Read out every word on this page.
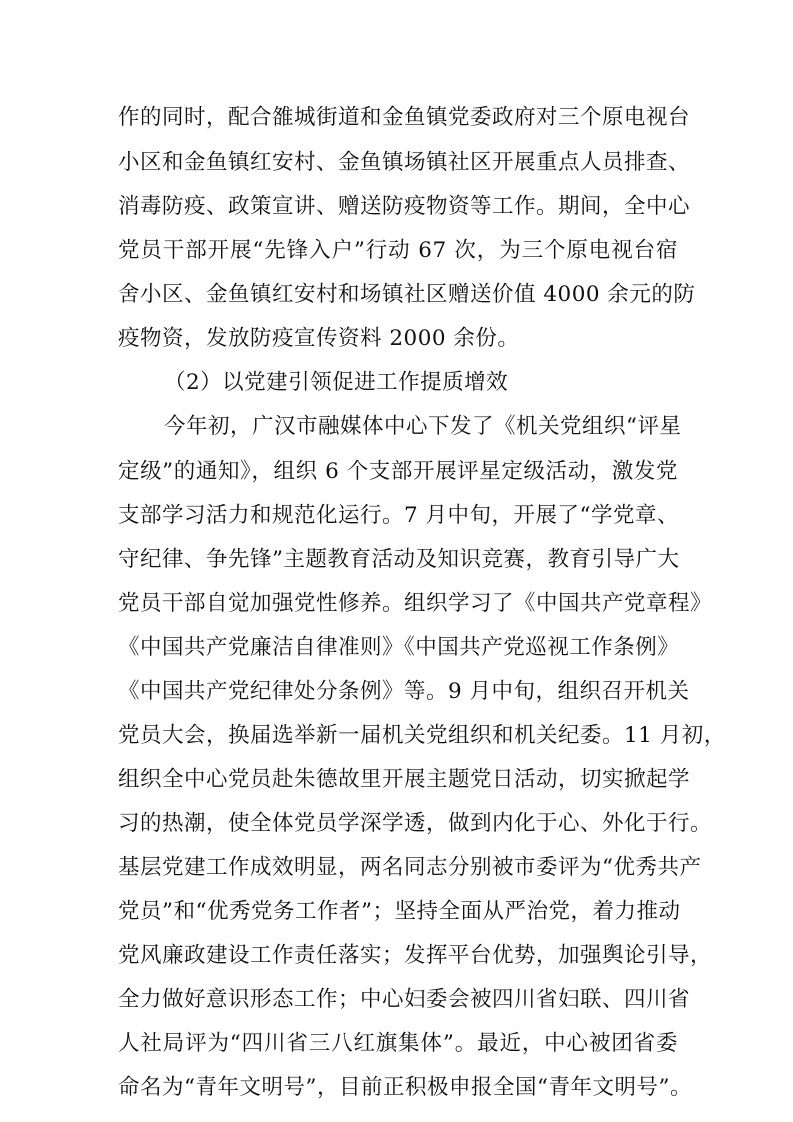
作的同时，配合雒城街道和金鱼镇党委政府对三个原电视台
小区和金鱼镇红安村、金鱼镇场镇社区开展重点人员排查、
消毒防疫、政策宣讲、赠送防疫物资等工作。期间，全中心
党员干部开展“先锋入户”行动 67 次，为三个原电视台宿
舍小区、金鱼镇红安村和场镇社区赠送价值 4000 余元的防
疫物资，发放防疫宣传资料 2000 余份。
（2）以党建引领促进工作提质增效
今年初，广汉市融媒体中心下发了《机关党组织“评星
定级”的通知》，组织 6 个支部开展评星定级活动，激发党
支部学习活力和规范化运行。7 月中旬，开展了“学党章、
守纪律、争先锋”主题教育活动及知识竞赛，教育引导广大
党员干部自觉加强党性修养。组织学习了《中国共产党章程》
《中国共产党廉洁自律准则》《中国共产党巡视工作条例》
《中国共产党纪律处分条例》等。9 月中旬，组织召开机关
党员大会，换届选举新一届机关党组织和机关纪委。11 月初，
组织全中心党员赴朱德故里开展主题党日活动，切实掀起学
习的热潮，使全体党员学深学透，做到内化于心、外化于行。
基层党建工作成效明显，两名同志分别被市委评为“优秀共产
党员”和“优秀党务工作者”；坚持全面从严治党，着力推动
党风廉政建设工作责任落实；发挥平台优势，加强舆论引导，
全力做好意识形态工作；中心妇委会被四川省妇联、四川省
人社局评为“四川省三八红旗集体”。最近，中心被团省委
命名为“青年文明号”，目前正积极申报全国“青年文明号”。
